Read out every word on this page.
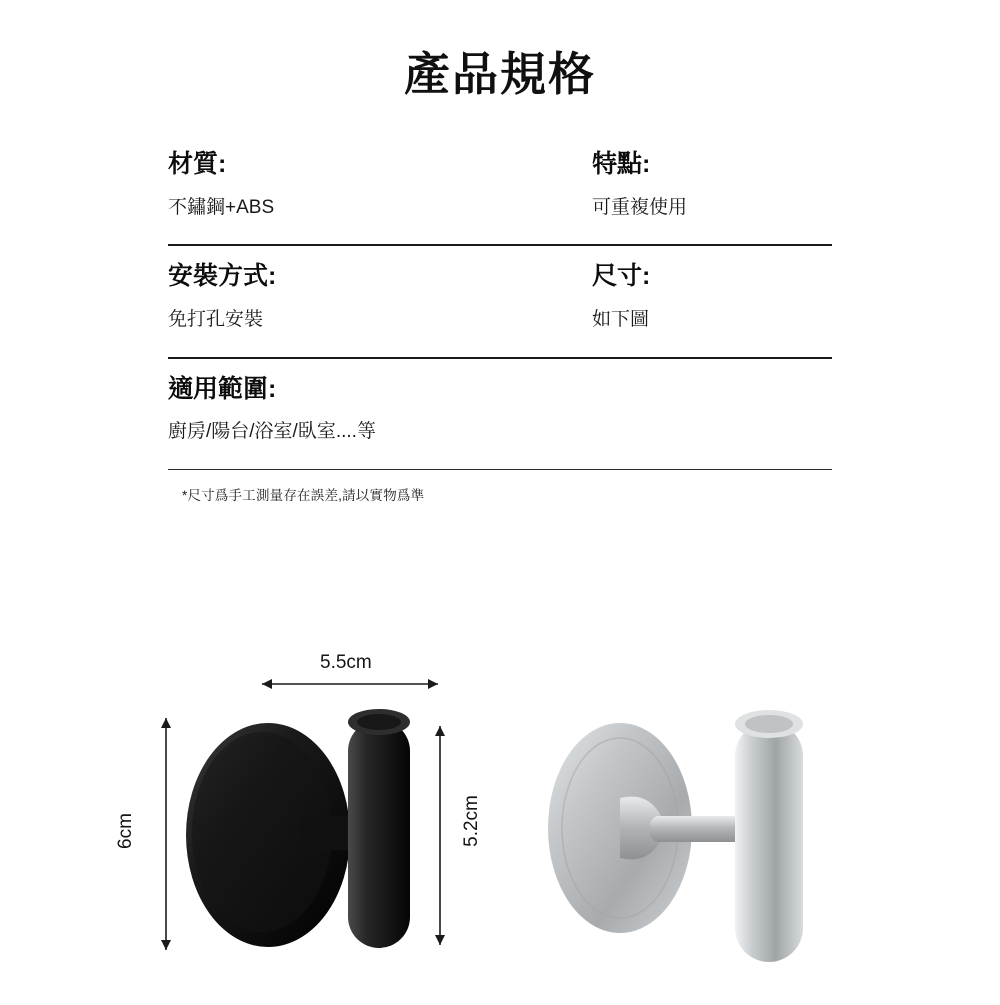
產品規格
材質:
不鏽鋼+ABS
特點:
可重複使用
安裝方式:
免打孔安裝
尺寸:
如下圖
適用範圍:
廚房/陽台/浴室/臥室....等
*尺寸爲手工測量存在誤差,請以實物爲準
5.5cm
6cm	5.2cm
